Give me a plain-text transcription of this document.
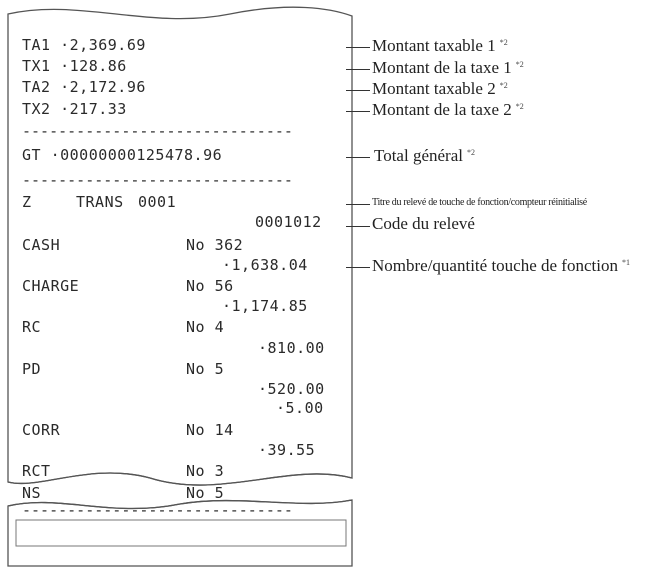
TA1 ·2,369.69
TX1 ·128.86
TA2 ·2,172.96
TX2 ·217.33
------------------------------
GT ·00000000125478.96
------------------------------
Z	TRANS 0001
0001012
CASH	No 362
·1,638.04
CHARGE	No 56
·1,174.85
RC	No 4
·810.00
PD	No 5
·520.00
·5.00
CORR	No 14
·39.55
RCT	No 3
NS	No 5
------------------------------
Montant taxable 1 $^{*2}$
Montant de la taxe 1 $^{*2}$
Montant taxable 2 $^{*2}$
Montant de la taxe 2 $^{*2}$
Total général $^{*2}$
Titre du relevé de touche de fonction/compteur réinitialisé
Code du relevé
Nombre/quantité touche de fonction $^{*1}$
